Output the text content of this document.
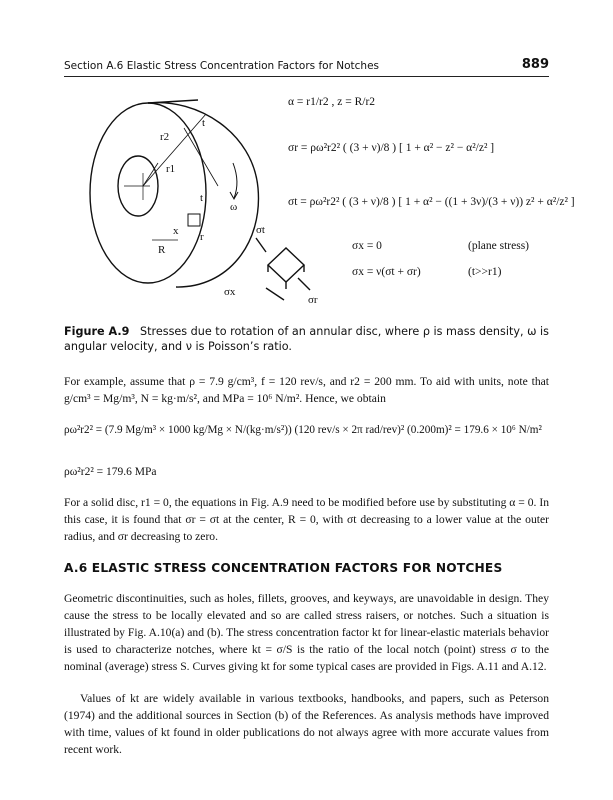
Section A.6 Elastic Stress Concentration Factors for Notches	889
r2
r1
t
t
x r
R
ω
σt
σx
σr
α = r1/r2 , z = R/r2
σr = ρω²r2² ( (3 + ν)/8 ) [ 1 + α² − z² − α²/z² ]
σt = ρω²r2² ( (3 + ν)/8 ) [ 1 + α² − ((1 + 3ν)/(3 + ν)) z² + α²/z² ]
σx = 0	(plane stress)
σx = ν(σt + σr)	(t>>r1)
Figure A.9 Stresses due to rotation of an annular disc, where ρ is mass density, ω is angular velocity, and ν is Poisson’s ratio.
For example, assume that ρ = 7.9 g/cm³, f = 120 rev/s, and r2 = 200 mm. To aid with units, note that g/cm³ = Mg/m³, N = kg·m/s², and MPa = 10⁶ N/m². Hence, we obtain
ρω²r2² = (7.9 Mg/m³ × 1000 kg/Mg × N/(kg·m/s²)) (120 rev/s × 2π rad/rev)² (0.200m)² = 179.6 × 10⁶ N/m²
ρω²r2² = 179.6 MPa
For a solid disc, r1 = 0, the equations in Fig. A.9 need to be modified before use by substituting α = 0. In this case, it is found that σr = σt at the center, R = 0, with σt decreasing to a lower value at the outer radius, and σr decreasing to zero.
A.6 ELASTIC STRESS CONCENTRATION FACTORS FOR NOTCHES
Geometric discontinuities, such as holes, fillets, grooves, and keyways, are unavoidable in design. They cause the stress to be locally elevated and so are called stress raisers, or notches. Such a situation is illustrated by Fig. A.10(a) and (b). The stress concentration factor kt for linear-elastic materials behavior is used to characterize notches, where kt = σ/S is the ratio of the local notch (point) stress σ to the nominal (average) stress S. Curves giving kt for some typical cases are provided in Figs. A.11 and A.12.
Values of kt are widely available in various textbooks, handbooks, and papers, such as Peterson (1974) and the additional sources in Section (b) of the References. As analysis methods have improved with time, values of kt found in older publications do not always agree with more accurate values from recent work.
